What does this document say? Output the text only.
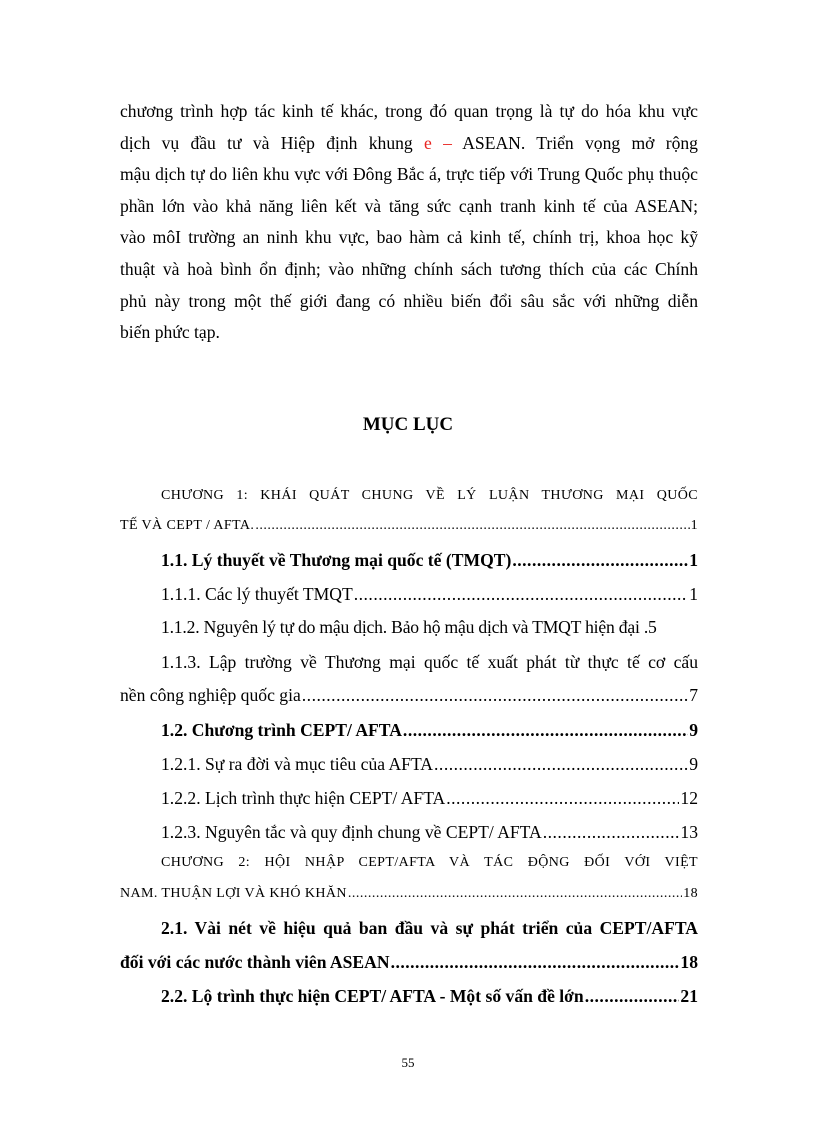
chương trình hợp tác kinh tế khác, trong đó quan trọng là tự do hóa khu vực
dịch vụ đầu tư và Hiệp định khung e – ASEAN. Triển vọng mở rộng
mậu dịch tự do liên khu vực với Đông Bắc á, trực tiếp với Trung Quốc phụ thuộc
phần lớn vào khả năng liên kết và tăng sức cạnh tranh kinh tế của ASEAN;
vào môI trường an ninh khu vực, bao hàm cả kinh tế, chính trị, khoa học kỹ
thuật và hoà bình ổn định; vào những chính sách tương thích của các Chính
phủ này trong một thế giới đang có nhiều biến đổi sâu sắc với những diễn
biến phức tạp.
MỤC LỤC
CHƯƠNG 1: KHÁI QUÁT CHUNG VỀ LÝ LUẬN THƯƠNG MẠI QUỐC
TẾ VÀ CEPT / AFTA. .....	1
1.1. Lý thuyết về Thương mại quốc tế (TMQT) .....	1
1.1.1. Các lý thuyết TMQT .....	1
1.1.2. Nguyên lý tự do mậu dịch. Bảo hộ mậu dịch và TMQT hiện đại .5
1.1.3. Lập trường về Thương mại quốc tế xuất phát từ thực tế cơ cấu
nền công nghiệp quốc gia .....	7
1.2. Chương trình CEPT/ AFTA .....	9
1.2.1. Sự ra đời và mục tiêu của AFTA .....	9
1.2.2. Lịch trình thực hiện CEPT/ AFTA .....	12
1.2.3. Nguyên tắc và quy định chung về CEPT/ AFTA .....	13
CHƯƠNG 2: HỘI NHẬP CEPT/AFTA VÀ TÁC ĐỘNG ĐỐI VỚI VIỆT
NAM. THUẬN LỢI VÀ KHÓ KHĂN .....	18
2.1. Vài nét về hiệu quả ban đầu và sự phát triển của CEPT/AFTA
đối với các nước thành viên ASEAN .....	18
2.2. Lộ trình thực hiện CEPT/ AFTA - Một số vấn đề lớn .....	21
55
